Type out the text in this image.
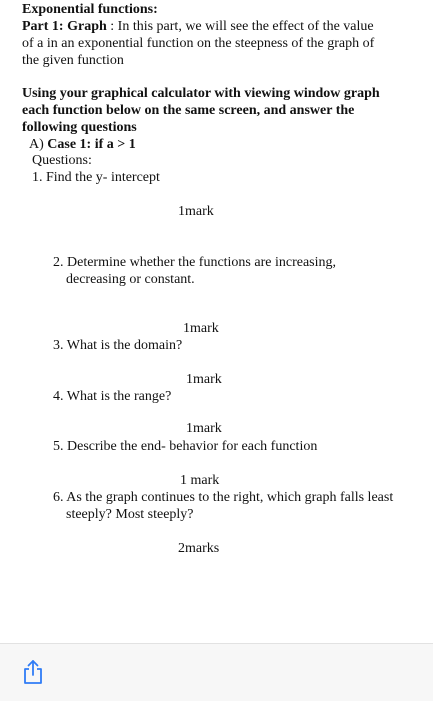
Exponential functions:
Part 1: Graph : In this part, we will see the effect of the value
of a in an exponential function on the steepness of the graph of
the given function
Using your graphical calculator with viewing window graph
each function below on the same screen, and answer the
following questions
A) Case 1: if a > 1
Questions:
1. Find the y- intercept
1mark
2. Determine whether the functions are increasing,
decreasing or constant.
1mark
3. What is the domain?
1mark
4. What is the range?
1mark
5. Describe the end- behavior for each function
1 mark
6. As the graph continues to the right, which graph falls least
steeply? Most steeply?
2marks
